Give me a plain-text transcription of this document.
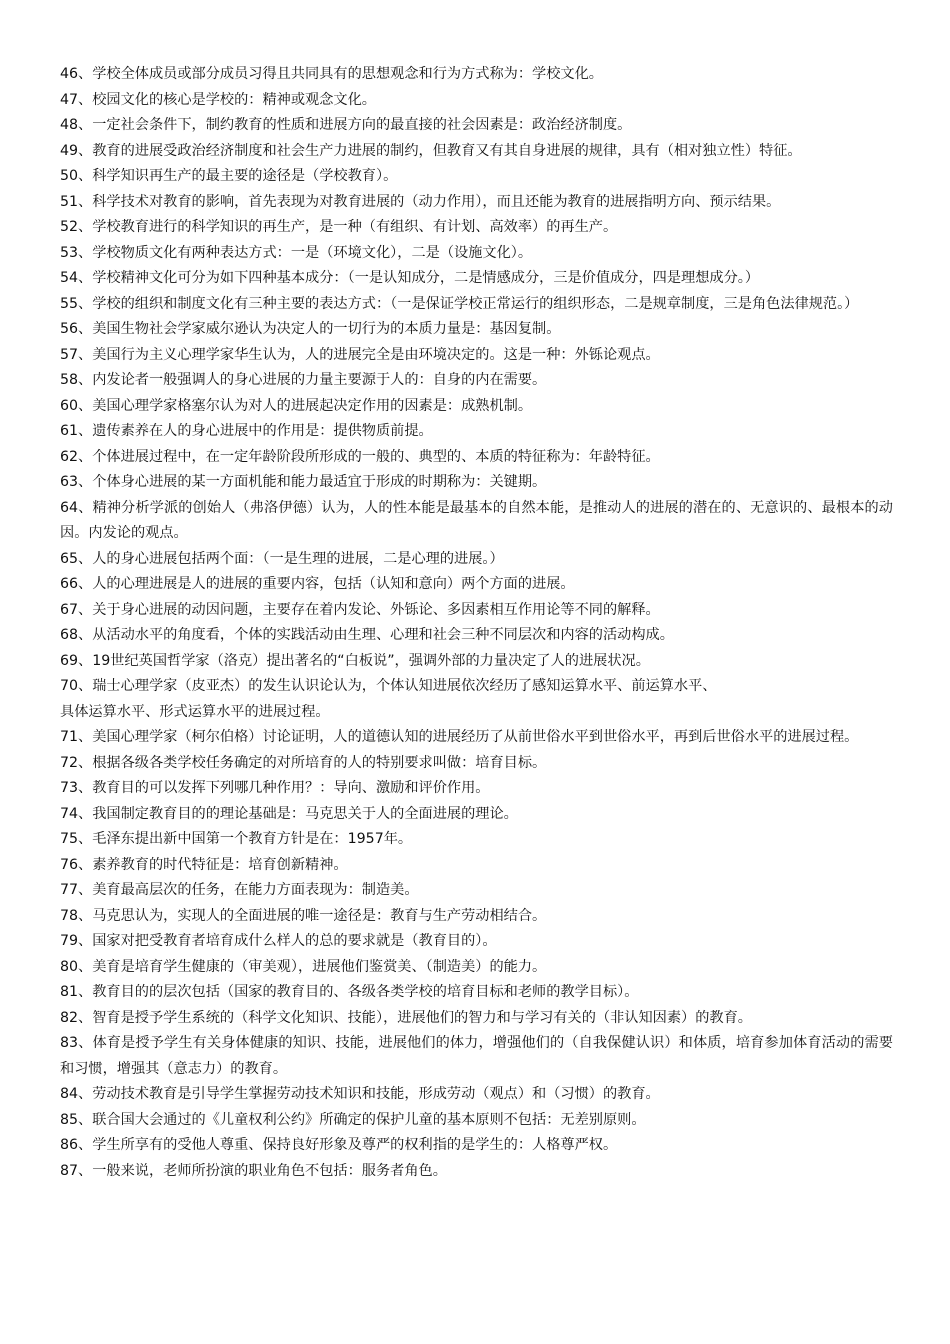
46、学校全体成员或部分成员习得且共同具有的思想观念和行为方式称为：学校文化。

47、校园文化的核心是学校的：精神或观念文化。

48、一定社会条件下，制约教育的性质和进展方向的最直接的社会因素是：政治经济制度。

49、教育的进展受政治经济制度和社会生产力进展的制约，但教育又有其自身进展的规律，具有（相对独立性）特征。

50、科学知识再生产的最主要的途径是（学校教育）。

51、科学技术对教育的影响，首先表现为对教育进展的（动力作用），而且还能为教育的进展指明方向、预示结果。

52、学校教育进行的科学知识的再生产，是一种（有组织、有计划、高效率）的再生产。

53、学校物质文化有两种表达方式：一是（环境文化），二是（设施文化）。

54、学校精神文化可分为如下四种基本成分：（一是认知成分，二是情感成分，三是价值成分，四是理想成分。）

55、学校的组织和制度文化有三种主要的表达方式：（一是保证学校正常运行的组织形态，二是规章制度，三是角色法律规范。）

56、美国生物社会学家威尔逊认为决定人的一切行为的本质力量是：基因复制。

57、美国行为主义心理学家华生认为，人的进展完全是由环境决定的。这是一种：外铄论观点。

58、内发论者一般强调人的身心进展的力量主要源于人的：自身的内在需要。

60、美国心理学家格塞尔认为对人的进展起决定作用的因素是：成熟机制。

61、遗传素养在人的身心进展中的作用是：提供物质前提。

62、个体进展过程中，在一定年龄阶段所形成的一般的、典型的、本质的特征称为：年龄特征。

63、个体身心进展的某一方面机能和能力最适宜于形成的时期称为：关键期。

64、精神分析学派的创始人（弗洛伊德）认为，人的性本能是最基本的自然本能，是推动人的进展的潜在的、无意识的、最根本的动因。内发论的观点。

65、人的身心进展包括两个面：（一是生理的进展，二是心理的进展。）

66、人的心理进展是人的进展的重要内容，包括（认知和意向）两个方面的进展。

67、关于身心进展的动因问题，主要存在着内发论、外铄论、多因素相互作用论等不同的解释。

68、从活动水平的角度看，个体的实践活动由生理、心理和社会三种不同层次和内容的活动构成。

69、19世纪英国哲学家（洛克）提出著名的“白板说”，强调外部的力量决定了人的进展状况。

70、瑞士心理学家（皮亚杰）的发生认识论认为，个体认知进展依次经历了感知运算水平、前运算水平、
具体运算水平、形式运算水平的进展过程。

71、美国心理学家（柯尔伯格）讨论证明，人的道德认知的进展经历了从前世俗水平到世俗水平，再到后世俗水平的进展过程。

72、根据各级各类学校任务确定的对所培育的人的特别要求叫做：培育目标。

73、教育目的可以发挥下列哪几种作用？：导向、激励和评价作用。

74、我国制定教育目的的理论基础是：马克思关于人的全面进展的理论。

75、毛泽东提出新中国第一个教育方针是在：1957年。

76、素养教育的时代特征是：培育创新精神。

77、美育最高层次的任务，在能力方面表现为：制造美。

78、马克思认为，实现人的全面进展的唯一途径是：教育与生产劳动相结合。

79、国家对把受教育者培育成什么样人的总的要求就是（教育目的）。

80、美育是培育学生健康的（审美观），进展他们鉴赏美、（制造美）的能力。

81、教育目的的层次包括（国家的教育目的、各级各类学校的培育目标和老师的教学目标）。

82、智育是授予学生系统的（科学文化知识、技能），进展他们的智力和与学习有关的（非认知因素）的教育。

83、体育是授予学生有关身体健康的知识、技能，进展他们的体力，增强他们的（自我保健认识）和体质，培育参加体育活动的需要和习惯，增强其（意志力）的教育。

84、劳动技术教育是引导学生掌握劳动技术知识和技能，形成劳动（观点）和（习惯）的教育。

85、联合国大会通过的《儿童权利公约》所确定的保护儿童的基本原则不包括：无差别原则。

86、学生所享有的受他人尊重、保持良好形象及尊严的权利指的是学生的：人格尊严权。

87、一般来说，老师所扮演的职业角色不包括：服务者角色。
